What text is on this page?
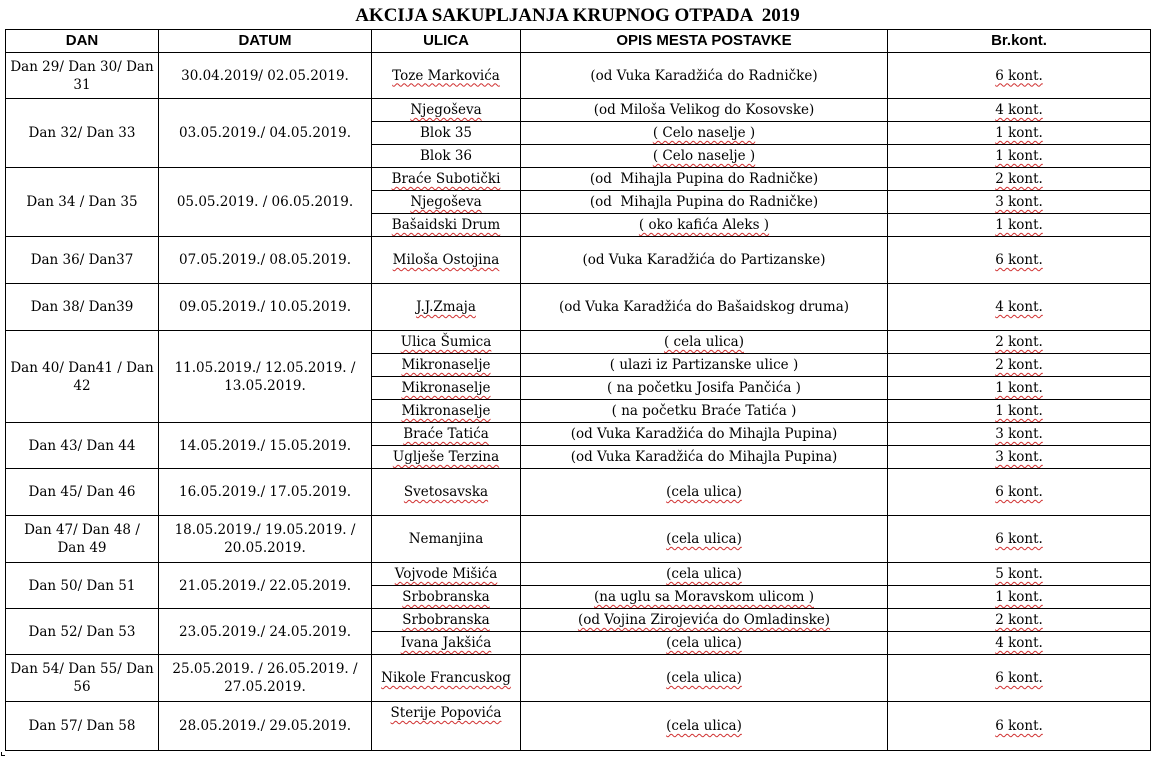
AKCIJA SAKUPLJANJA KRUPNOG OTPADA  2019
DAN	DATUM	ULICA	OPIS MESTA POSTAVKE	Br.kont.
Dan 29/ Dan 30/ Dan 31	30.04.2019/ 02.05.2019.	Toze Markovića	(od Vuka Karadžića do Radničke)	6 kont.
Dan 32/ Dan 33	03.05.2019./ 04.05.2019.	Njegoševa	(od Miloša Velikog do Kosovske)	4 kont.
		Blok 35	( Celo naselje )	1 kont.
		Blok 36	( Celo naselje )	1 kont.
Dan 34 / Dan 35	05.05.2019. / 06.05.2019.	Braće Subotički	(od  Mihajla Pupina do Radničke)	2 kont.
		Njegoševa	(od  Mihajla Pupina do Radničke)	3 kont.
		Bašaidski Drum	( oko kafića Aleks )	1 kont.
Dan 36/ Dan37	07.05.2019./ 08.05.2019.	Miloša Ostojina	(od Vuka Karadžića do Partizanske)	6 kont.
Dan 38/ Dan39	09.05.2019./ 10.05.2019.	J.J.Zmaja	(od Vuka Karadžića do Bašaidskog druma)	4 kont.
Dan 40/ Dan41 / Dan 42	11.05.2019./ 12.05.2019. / 13.05.2019.	Ulica Šumica	( cela ulica)	2 kont.
		Mikronaselje	( ulazi iz Partizanske ulice )	2 kont.
		Mikronaselje	( na početku Josifa Pančića )	1 kont.
		Mikronaselje	( na početku Braće Tatića )	1 kont.
Dan 43/ Dan 44	14.05.2019./ 15.05.2019.	Braće Tatića	(od Vuka Karadžića do Mihajla Pupina)	3 kont.
		Uglješe Terzina	(od Vuka Karadžića do Mihajla Pupina)	3 kont.
Dan 45/ Dan 46	16.05.2019./ 17.05.2019.	Svetosavska	(cela ulica)	6 kont.
Dan 47/ Dan 48 / Dan 49	18.05.2019./ 19.05.2019. / 20.05.2019.	Nemanjina	(cela ulica)	6 kont.
Dan 50/ Dan 51	21.05.2019./ 22.05.2019.	Vojvode Mišića	(cela ulica)	5 kont.
		Srbobranska	(na uglu sa Moravskom ulicom )	1 kont.
Dan 52/ Dan 53	23.05.2019./ 24.05.2019.	Srbobranska	(od Vojina Zirojevića do Omladinske)	2 kont.
		Ivana Jakšića	(cela ulica)	4 kont.
Dan 54/ Dan 55/ Dan 56	25.05.2019. / 26.05.2019. / 27.05.2019.	Nikole Francuskog	(cela ulica)	6 kont.
Dan 57/ Dan 58	28.05.2019./ 29.05.2019.	Sterije Popovića	(cela ulica)	6 kont.
